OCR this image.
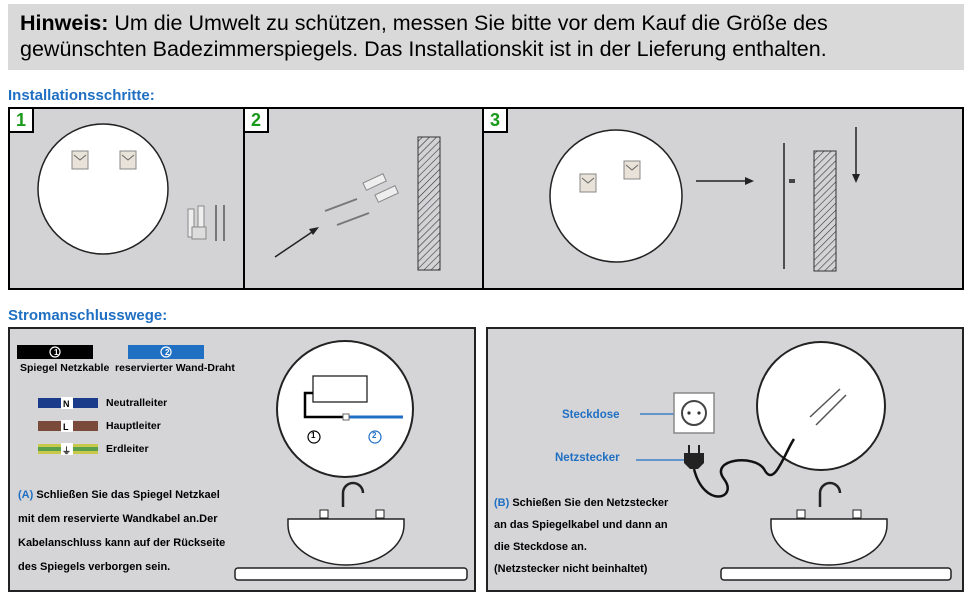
Hinweis: Um die Umwelt zu schützen, messen Sie bitte vor dem Kauf die Größe des
gewünschten Badezimmerspiegels. Das Installationskit ist in der Lieferung enthalten.
Installationsschritte:
1	2	3
Stromanschlusswege:
1	2
Spiegel Netzkable reservierter Wand-Draht
N
L
⏚
Neutralleiter
Hauptleiter
Erdleiter
1	2
(A) Schließen Sie das Spiegel Netzkael
mit dem reservierte Wandkabel an.Der
Kabelanschluss kann auf der Rückseite
des Spiegels verborgen sein.
Steckdose
Netzstecker
(B) Schießen Sie den Netzstecker
an das Spiegelkabel und dann an
die Steckdose an.
(Netzstecker nicht beinhaltet)
